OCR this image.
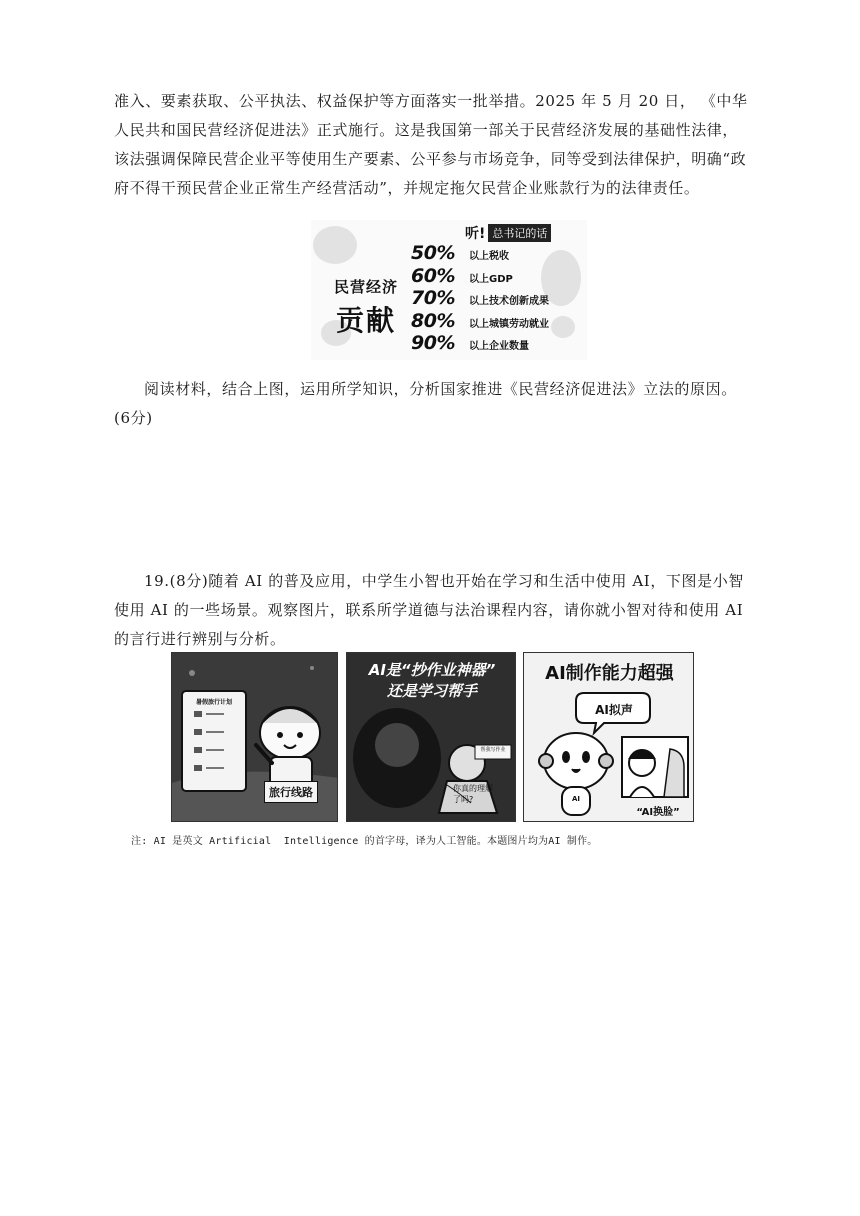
准入、要素获取、公平执法、权益保护等方面落实一批举措。2025 年 5 月 20 日， 《中华人民共和国民营经济促进法》正式施行。这是我国第一部关于民营经济发展的基础性法律，该法强调保障民营企业平等使用生产要素、公平参与市场竞争，同等受到法律保护，明确“政府不得干预民营企业正常生产经营活动”，并规定拖欠民营企业账款行为的法律责任。

听! 总书记的话
民营经济
贡献
50%	以上税收
60%	以上GDP
70%	以上技术创新成果
80%	以上城镇劳动就业
90%	以上企业数量

阅读材料，结合上图，运用所学知识，分析国家推进《民营经济促进法》立法的原因。(6分)

19.(8分)随着 AI 的普及应用，中学生小智也开始在学习和生活中使用 AI，下图是小智使用 AI 的一些场景。观察图片，联系所学道德与法治课程内容，请你就小智对待和使用 AI 的言行进行辨别与分析。

暑假旅行计划
旅行线路
AI是“抄作业神器”
还是学习帮手
帮我写作业
你真的理解了吗?
AI制作能力超强
AI拟声
AI
“AI换脸”
注: AI 是英文 Artificial  Intelligence 的首字母，译为人工智能。本题图片均为AI 制作。
